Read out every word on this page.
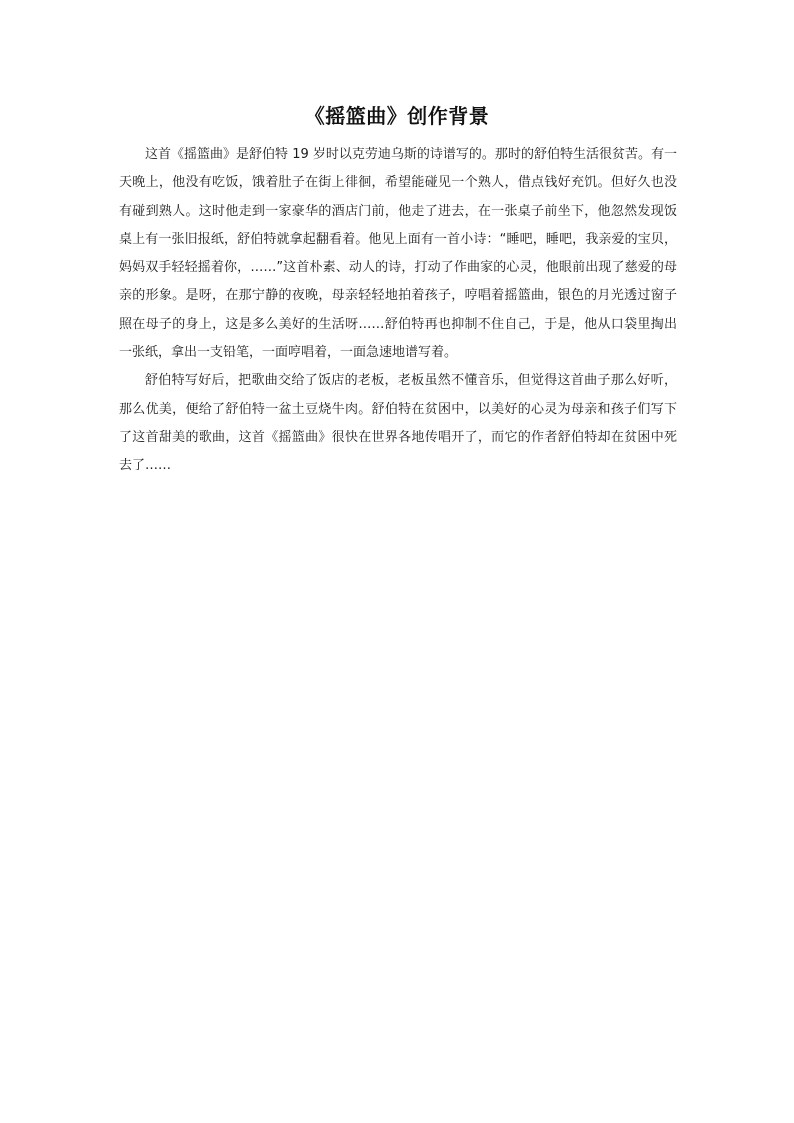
《摇篮曲》创作背景

这首《摇篮曲》是舒伯特 19 岁时以克劳迪乌斯的诗谱写的。那时的舒伯特生活很贫苦。有一天晚上，他没有吃饭，饿着肚子在街上徘徊，希望能碰见一个熟人，借点钱好充饥。但好久也没有碰到熟人。这时他走到一家豪华的酒店门前，他走了进去，在一张桌子前坐下，他忽然发现饭桌上有一张旧报纸，舒伯特就拿起翻看着。他见上面有一首小诗：“睡吧，睡吧，我亲爱的宝贝，妈妈双手轻轻摇着你，……”这首朴素、动人的诗，打动了作曲家的心灵，他眼前出现了慈爱的母亲的形象。是呀，在那宁静的夜晚，母亲轻轻地拍着孩子，哼唱着摇篮曲，银色的月光透过窗子照在母子的身上，这是多么美好的生活呀……舒伯特再也抑制不住自己，于是，他从口袋里掏出一张纸，拿出一支铅笔，一面哼唱着，一面急速地谱写着。

舒伯特写好后，把歌曲交给了饭店的老板，老板虽然不懂音乐，但觉得这首曲子那么好听，那么优美，便给了舒伯特一盆土豆烧牛肉。舒伯特在贫困中，以美好的心灵为母亲和孩子们写下了这首甜美的歌曲，这首《摇篮曲》很快在世界各地传唱开了，而它的作者舒伯特却在贫困中死去了……
